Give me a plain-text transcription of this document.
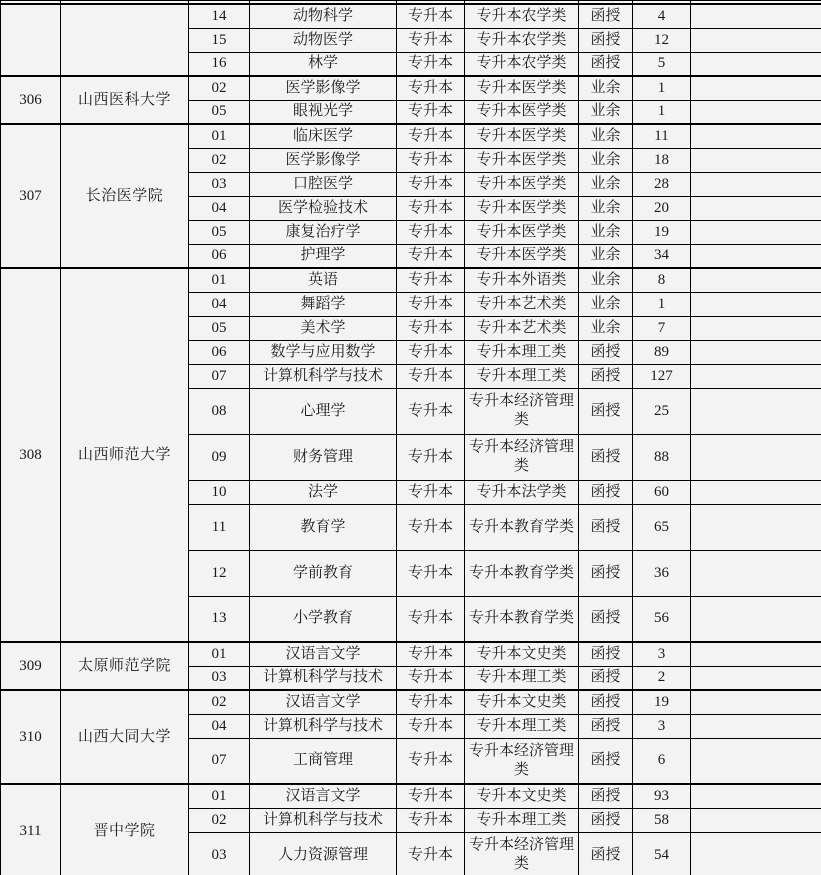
		14	动物科学	专升本	专升本农学类	函授	4	
		15	动物医学	专升本	专升本农学类	函授	12	
		16	林学	专升本	专升本农学类	函授	5	
306	山西医科大学	02	医学影像学	专升本	专升本医学类	业余	1	
		05	眼视光学	专升本	专升本医学类	业余	1	
307	长治医学院	01	临床医学	专升本	专升本医学类	业余	11	
		02	医学影像学	专升本	专升本医学类	业余	18	
		03	口腔医学	专升本	专升本医学类	业余	28	
		04	医学检验技术	专升本	专升本医学类	业余	20	
		05	康复治疗学	专升本	专升本医学类	业余	19	
		06	护理学	专升本	专升本医学类	业余	34	
308	山西师范大学	01	英语	专升本	专升本外语类	业余	8	
		04	舞蹈学	专升本	专升本艺术类	业余	1	
		05	美术学	专升本	专升本艺术类	业余	7	
		06	数学与应用数学	专升本	专升本理工类	函授	89	
		07	计算机科学与技术	专升本	专升本理工类	函授	127	
		08	心理学	专升本	专升本经济管理类	函授	25	
		09	财务管理	专升本	专升本经济管理类	函授	88	
		10	法学	专升本	专升本法学类	函授	60	
		11	教育学	专升本	专升本教育学类	函授	65	
		12	学前教育	专升本	专升本教育学类	函授	36	
		13	小学教育	专升本	专升本教育学类	函授	56	
309	太原师范学院	01	汉语言文学	专升本	专升本文史类	函授	3	
		03	计算机科学与技术	专升本	专升本理工类	函授	2	
310	山西大同大学	02	汉语言文学	专升本	专升本文史类	函授	19	
		04	计算机科学与技术	专升本	专升本理工类	函授	3	
		07	工商管理	专升本	专升本经济管理类	函授	6	
311	晋中学院	01	汉语言文学	专升本	专升本文史类	函授	93	
		02	计算机科学与技术	专升本	专升本理工类	函授	58	
		03	人力资源管理	专升本	专升本经济管理类	函授	54	
